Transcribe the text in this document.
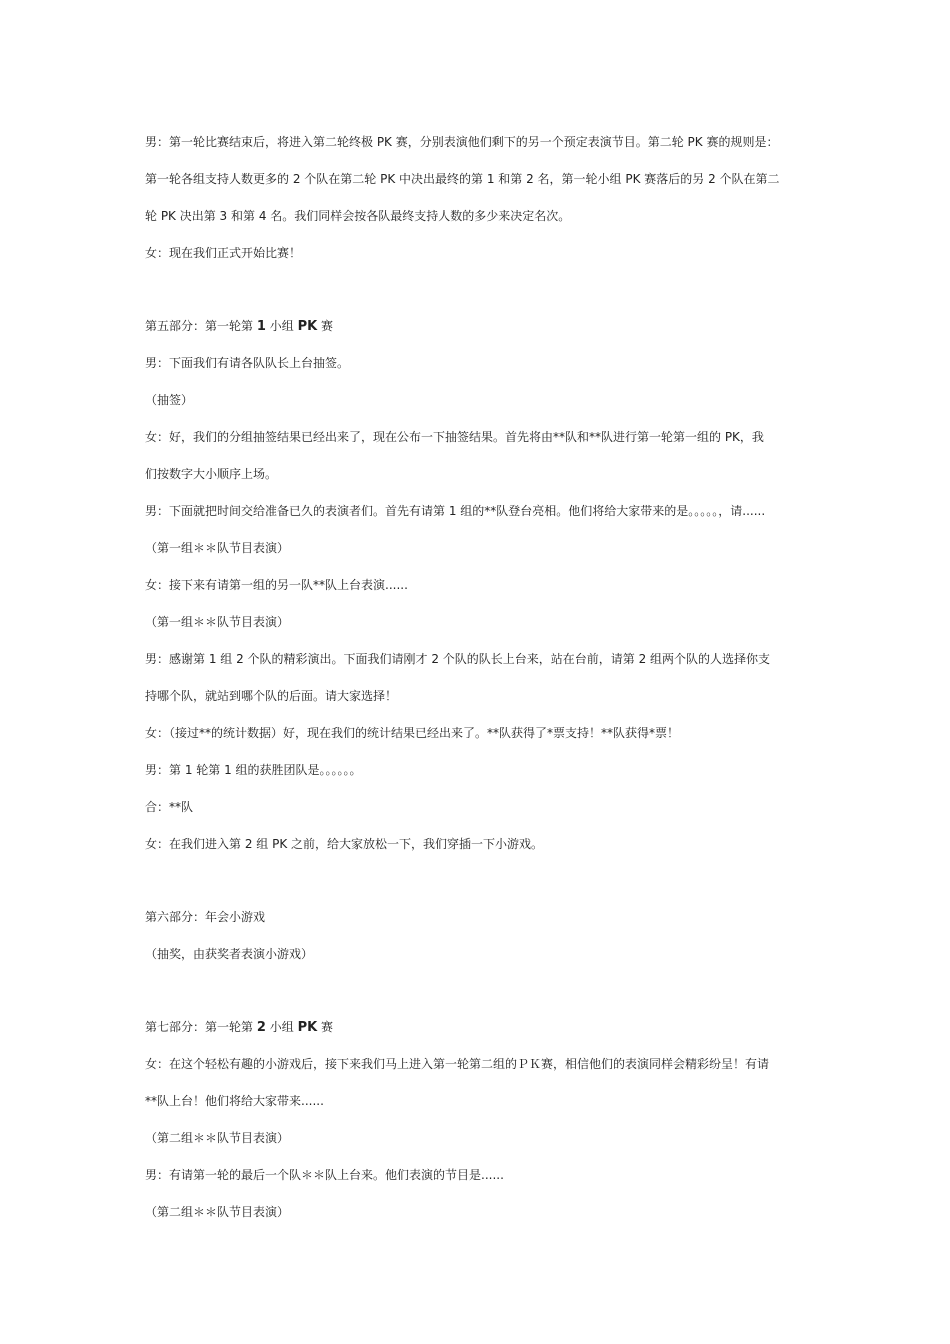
男：第一轮比赛结束后，将进入第二轮终极 PK 赛，分别表演他们剩下的另一个预定表演节目。第二轮 PK 赛的规则是：

第一轮各组支持人数更多的 2 个队在第二轮 PK 中决出最终的第 1 和第 2 名，第一轮小组 PK 赛落后的另 2 个队在第二

轮 PK 决出第 3 和第 4 名。我们同样会按各队最终支持人数的多少来决定名次。

女：现在我们正式开始比赛！

第五部分：第一轮第 1 小组 PK 赛

男：下面我们有请各队队长上台抽签。

（抽签）

女：好，我们的分组抽签结果已经出来了，现在公布一下抽签结果。首先将由**队和**队进行第一轮第一组的 PK，我

们按数字大小顺序上场。

男：下面就把时间交给准备已久的表演者们。首先有请第 1 组的**队登台亮相。他们将给大家带来的是。。。。。，请......

（第一组＊＊队节目表演）

女：接下来有请第一组的另一队**队上台表演......

（第一组＊＊队节目表演）

男：感谢第 1 组 2 个队的精彩演出。下面我们请刚才 2 个队的队长上台来，站在台前，请第 2 组两个队的人选择你支

持哪个队，就站到哪个队的后面。请大家选择！

女：（接过**的统计数据）好，现在我们的统计结果已经出来了。**队获得了*票支持！**队获得*票！

男：第 1 轮第 1 组的获胜团队是。。。。。。

合：**队

女：在我们进入第 2 组 PK 之前，给大家放松一下，我们穿插一下小游戏。

第六部分：年会小游戏

（抽奖，由获奖者表演小游戏）

第七部分：第一轮第 2 小组 PK 赛

女：在这个轻松有趣的小游戏后，接下来我们马上进入第一轮第二组的ＰＫ赛，相信他们的表演同样会精彩纷呈！有请

**队上台！他们将给大家带来......

（第二组＊＊队节目表演）

男：有请第一轮的最后一个队＊＊队上台来。他们表演的节目是......

（第二组＊＊队节目表演）
